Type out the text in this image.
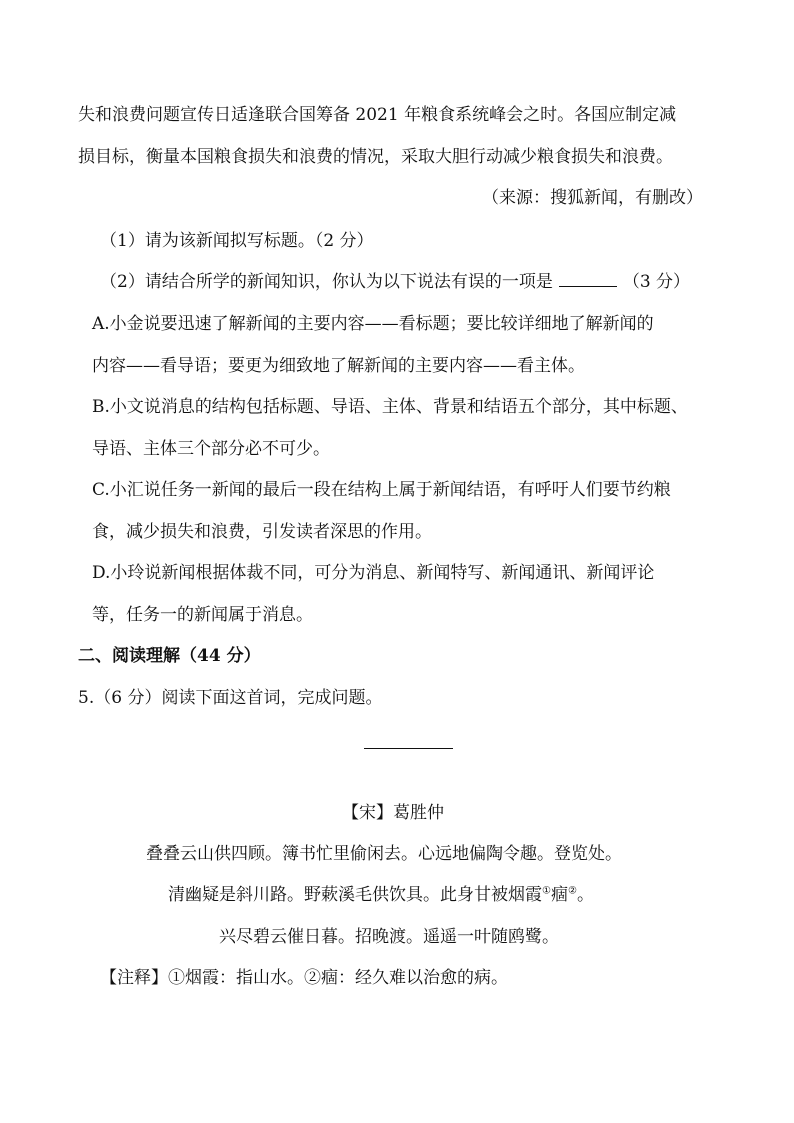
失和浪费问题宣传日适逢联合国筹备 2021 年粮食系统峰会之时。各国应制定减
损目标，衡量本国粮食损失和浪费的情况，采取大胆行动减少粮食损失和浪费。
（来源：搜狐新闻，有删改）
（1）请为该新闻拟写标题。（2 分）
（2）请结合所学的新闻知识，你认为以下说法有误的一项是	（3 分）
A.小金说要迅速了解新闻的主要内容——看标题；要比较详细地了解新闻的
内容——看导语；要更为细致地了解新闻的主要内容——看主体。
B.小文说消息的结构包括标题、导语、主体、背景和结语五个部分，其中标题、
导语、主体三个部分必不可少。
C.小汇说任务一新闻的最后一段在结构上属于新闻结语，有呼吁人们要节约粮
食，减少损失和浪费，引发读者深思的作用。
D.小玲说新闻根据体裁不同，可分为消息、新闻特写、新闻通讯、新闻评论
等，任务一的新闻属于消息。
二、阅读理解（44 分）
5.（6 分）阅读下面这首词，完成问题。
【宋】葛胜仲
叠叠云山供四顾。簿书忙里偷闲去。心远地偏陶令趣。登览处。
清幽疑是斜川路。野蔌溪毛供饮具。此身甘被烟霞①痼②。
兴尽碧云催日暮。招晚渡。遥遥一叶随鸥鹭。
【注释】①烟霞：指山水。②痼：经久难以治愈的病。
